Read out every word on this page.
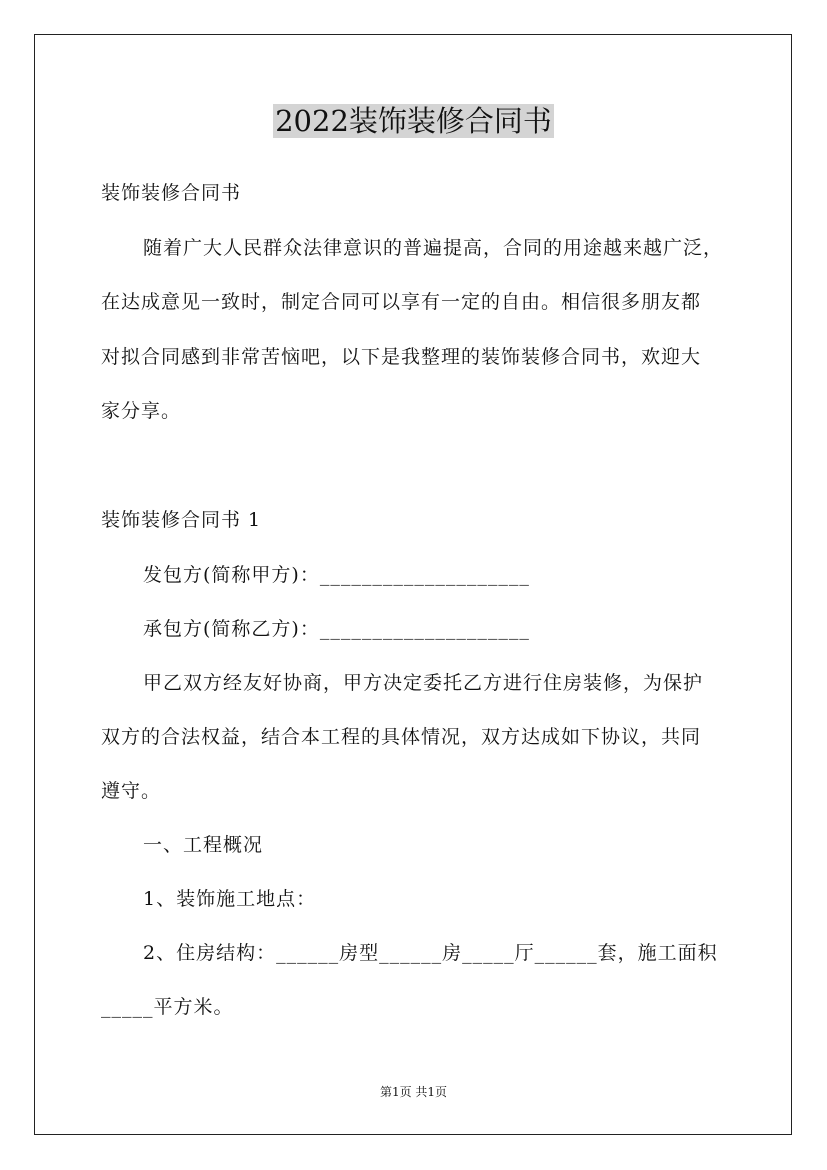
2022装饰装修合同书
装饰装修合同书
随着广大人民群众法律意识的普遍提高，合同的用途越来越广泛，
在达成意见一致时，制定合同可以享有一定的自由。相信很多朋友都
对拟合同感到非常苦恼吧，以下是我整理的装饰装修合同书，欢迎大
家分享。
装饰装修合同书 1
发包方(简称甲方)：____________________
承包方(简称乙方)：____________________
甲乙双方经友好协商，甲方决定委托乙方进行住房装修，为保护
双方的合法权益，结合本工程的具体情况，双方达成如下协议，共同
遵守。
一、工程概况
1、装饰施工地点：
2、住房结构：______房型______房_____厅______套，施工面积
_____平方米。
第1页 共1页
